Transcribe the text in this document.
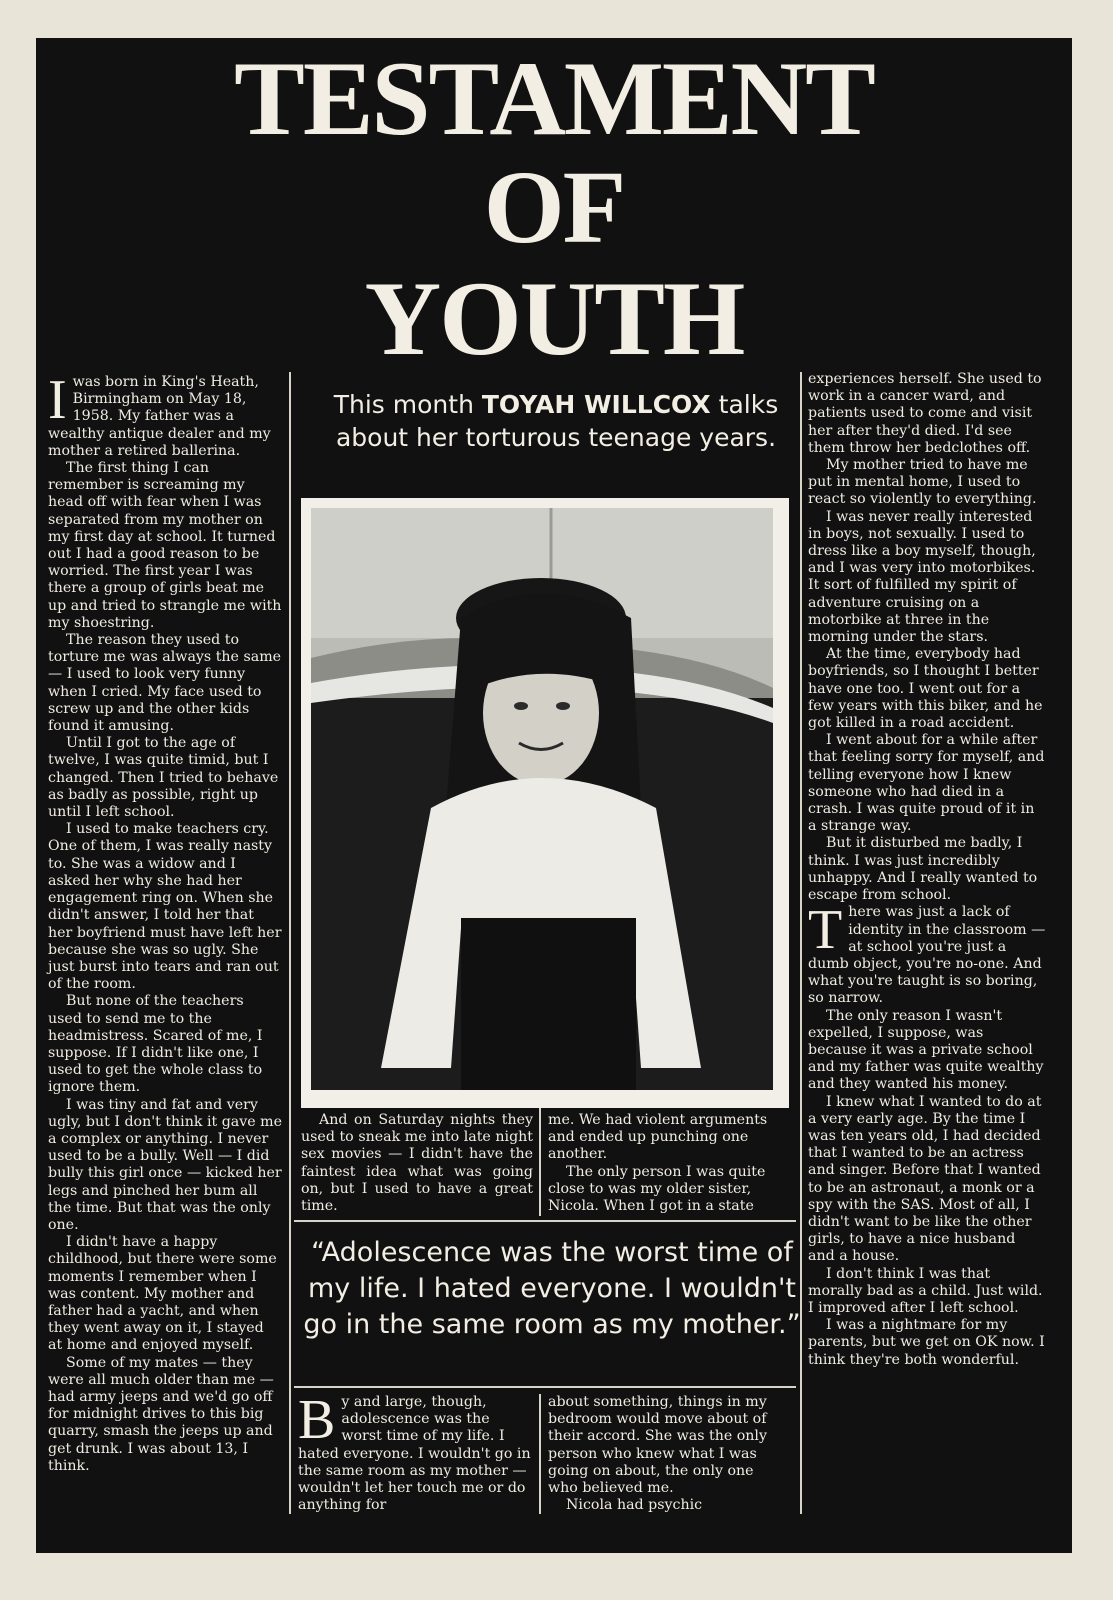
TESTAMENT
OF
YOUTH
I was born in King's Heath, Birmingham on May 18, 1958. My father was a wealthy antique dealer and my mother a retired ballerina.

The first thing I can remember is screaming my head off with fear when I was separated from my mother on my first day at school. It turned out I had a good reason to be worried. The first year I was there a group of girls beat me up and tried to strangle me with my shoestring.

The reason they used to torture me was always the same — I used to look very funny when I cried. My face used to screw up and the other kids found it amusing.

Until I got to the age of twelve, I was quite timid, but I changed. Then I tried to behave as badly as possible, right up until I left school.

I used to make teachers cry. One of them, I was really nasty to. She was a widow and I asked her why she had her engagement ring on. When she didn't answer, I told her that her boyfriend must have left her because she was so ugly. She just burst into tears and ran out of the room.

But none of the teachers used to send me to the headmistress. Scared of me, I suppose. If I didn't like one, I used to get the whole class to ignore them.

I was tiny and fat and very ugly, but I don't think it gave me a complex or anything. I never used to be a bully. Well — I did bully this girl once — kicked her legs and pinched her bum all the time. But that was the only one.

I didn't have a happy childhood, but there were some moments I remember when I was content. My mother and father had a yacht, and when they went away on it, I stayed at home and enjoyed myself.

Some of my mates — they were all much older than me — had army jeeps and we'd go off for midnight drives to this big quarry, smash the jeeps up and get drunk. I was about 13, I think.

This month TOYAH WILLCOX talks about her torturous teenage years.

And on Saturday nights they used to sneak me into late night sex movies — I didn't have the faintest idea what was going on, but I used to have a great time.

me. We had violent arguments and ended up punching one another.

The only person I was quite close to was my older sister, Nicola. When I got in a state

“Adolescence was the worst time of my life. I hated everyone. I wouldn't go in the same room as my mother.”
B y and large, though, adolescence was the worst time of my life. I hated everyone. I wouldn't go in the same room as my mother — wouldn't let her touch me or do anything for

about something, things in my bedroom would move about of their accord. She was the only person who knew what I was going on about, the only one who believed me.

Nicola had psychic

experiences herself. She used to work in a cancer ward, and patients used to come and visit her after they'd died. I'd see them throw her bedclothes off.

My mother tried to have me put in mental home, I used to react so violently to everything.

I was never really interested in boys, not sexually. I used to dress like a boy myself, though, and I was very into motorbikes. It sort of fulfilled my spirit of adventure cruising on a motorbike at three in the morning under the stars.

At the time, everybody had boyfriends, so I thought I better have one too. I went out for a few years with this biker, and he got killed in a road accident.

I went about for a while after that feeling sorry for myself, and telling everyone how I knew someone who had died in a crash. I was quite proud of it in a strange way.

But it disturbed me badly, I think. I was just incredibly unhappy. And I really wanted to escape from school.

T here was just a lack of identity in the classroom — at school you're just a dumb object, you're no-one. And what you're taught is so boring, so narrow.

The only reason I wasn't expelled, I suppose, was because it was a private school and my father was quite wealthy and they wanted his money.

I knew what I wanted to do at a very early age. By the time I was ten years old, I had decided that I wanted to be an actress and singer. Before that I wanted to be an astronaut, a monk or a spy with the SAS. Most of all, I didn't want to be like the other girls, to have a nice husband and a house.

I don't think I was that morally bad as a child. Just wild. I improved after I left school.

I was a nightmare for my parents, but we get on OK now. I think they're both wonderful.
